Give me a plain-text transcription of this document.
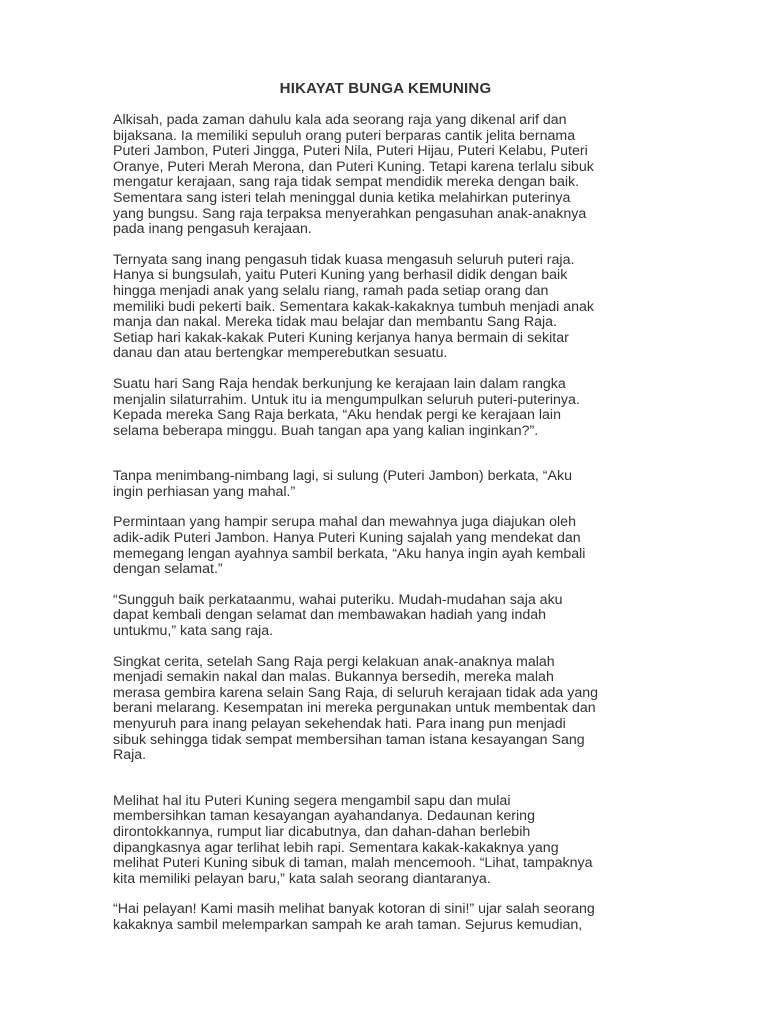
HIKAYAT BUNGA KEMUNING

Alkisah, pada zaman dahulu kala ada seorang raja yang dikenal arif dan
bijaksana. Ia memiliki sepuluh orang puteri berparas cantik jelita bernama
Puteri Jambon, Puteri Jingga, Puteri Nila, Puteri Hijau, Puteri Kelabu, Puteri
Oranye, Puteri Merah Merona, dan Puteri Kuning. Tetapi karena terlalu sibuk
mengatur kerajaan, sang raja tidak sempat mendidik mereka dengan baik.
Sementara sang isteri telah meninggal dunia ketika melahirkan puterinya
yang bungsu. Sang raja terpaksa menyerahkan pengasuhan anak-anaknya
pada inang pengasuh kerajaan.

Ternyata sang inang pengasuh tidak kuasa mengasuh seluruh puteri raja.
Hanya si bungsulah, yaitu Puteri Kuning yang berhasil didik dengan baik
hingga menjadi anak yang selalu riang, ramah pada setiap orang dan
memiliki budi pekerti baik. Sementara kakak-kakaknya tumbuh menjadi anak
manja dan nakal. Mereka tidak mau belajar dan membantu Sang Raja.
Setiap hari kakak-kakak Puteri Kuning kerjanya hanya bermain di sekitar
danau dan atau bertengkar memperebutkan sesuatu.

Suatu hari Sang Raja hendak berkunjung ke kerajaan lain dalam rangka
menjalin silaturrahim. Untuk itu ia mengumpulkan seluruh puteri-puterinya.
Kepada mereka Sang Raja berkata, “Aku hendak pergi ke kerajaan lain
selama beberapa minggu. Buah tangan apa yang kalian inginkan?”.

Tanpa menimbang-nimbang lagi, si sulung (Puteri Jambon) berkata, “Aku
ingin perhiasan yang mahal.”

Permintaan yang hampir serupa mahal dan mewahnya juga diajukan oleh
adik-adik Puteri Jambon. Hanya Puteri Kuning sajalah yang mendekat dan
memegang lengan ayahnya sambil berkata, “Aku hanya ingin ayah kembali
dengan selamat.”

“Sungguh baik perkataanmu, wahai puteriku. Mudah-mudahan saja aku
dapat kembali dengan selamat dan membawakan hadiah yang indah
untukmu,” kata sang raja.

Singkat cerita, setelah Sang Raja pergi kelakuan anak-anaknya malah
menjadi semakin nakal dan malas. Bukannya bersedih, mereka malah
merasa gembira karena selain Sang Raja, di seluruh kerajaan tidak ada yang
berani melarang. Kesempatan ini mereka pergunakan untuk membentak dan
menyuruh para inang pelayan sekehendak hati. Para inang pun menjadi
sibuk sehingga tidak sempat membersihan taman istana kesayangan Sang
Raja.

Melihat hal itu Puteri Kuning segera mengambil sapu dan mulai
membersihkan taman kesayangan ayahandanya. Dedaunan kering
dirontokkannya, rumput liar dicabutnya, dan dahan-dahan berlebih
dipangkasnya agar terlihat lebih rapi. Sementara kakak-kakaknya yang
melihat Puteri Kuning sibuk di taman, malah mencemooh. “Lihat, tampaknya
kita memiliki pelayan baru,” kata salah seorang diantaranya.

“Hai pelayan! Kami masih melihat banyak kotoran di sini!” ujar salah seorang
kakaknya sambil melemparkan sampah ke arah taman. Sejurus kemudian,
